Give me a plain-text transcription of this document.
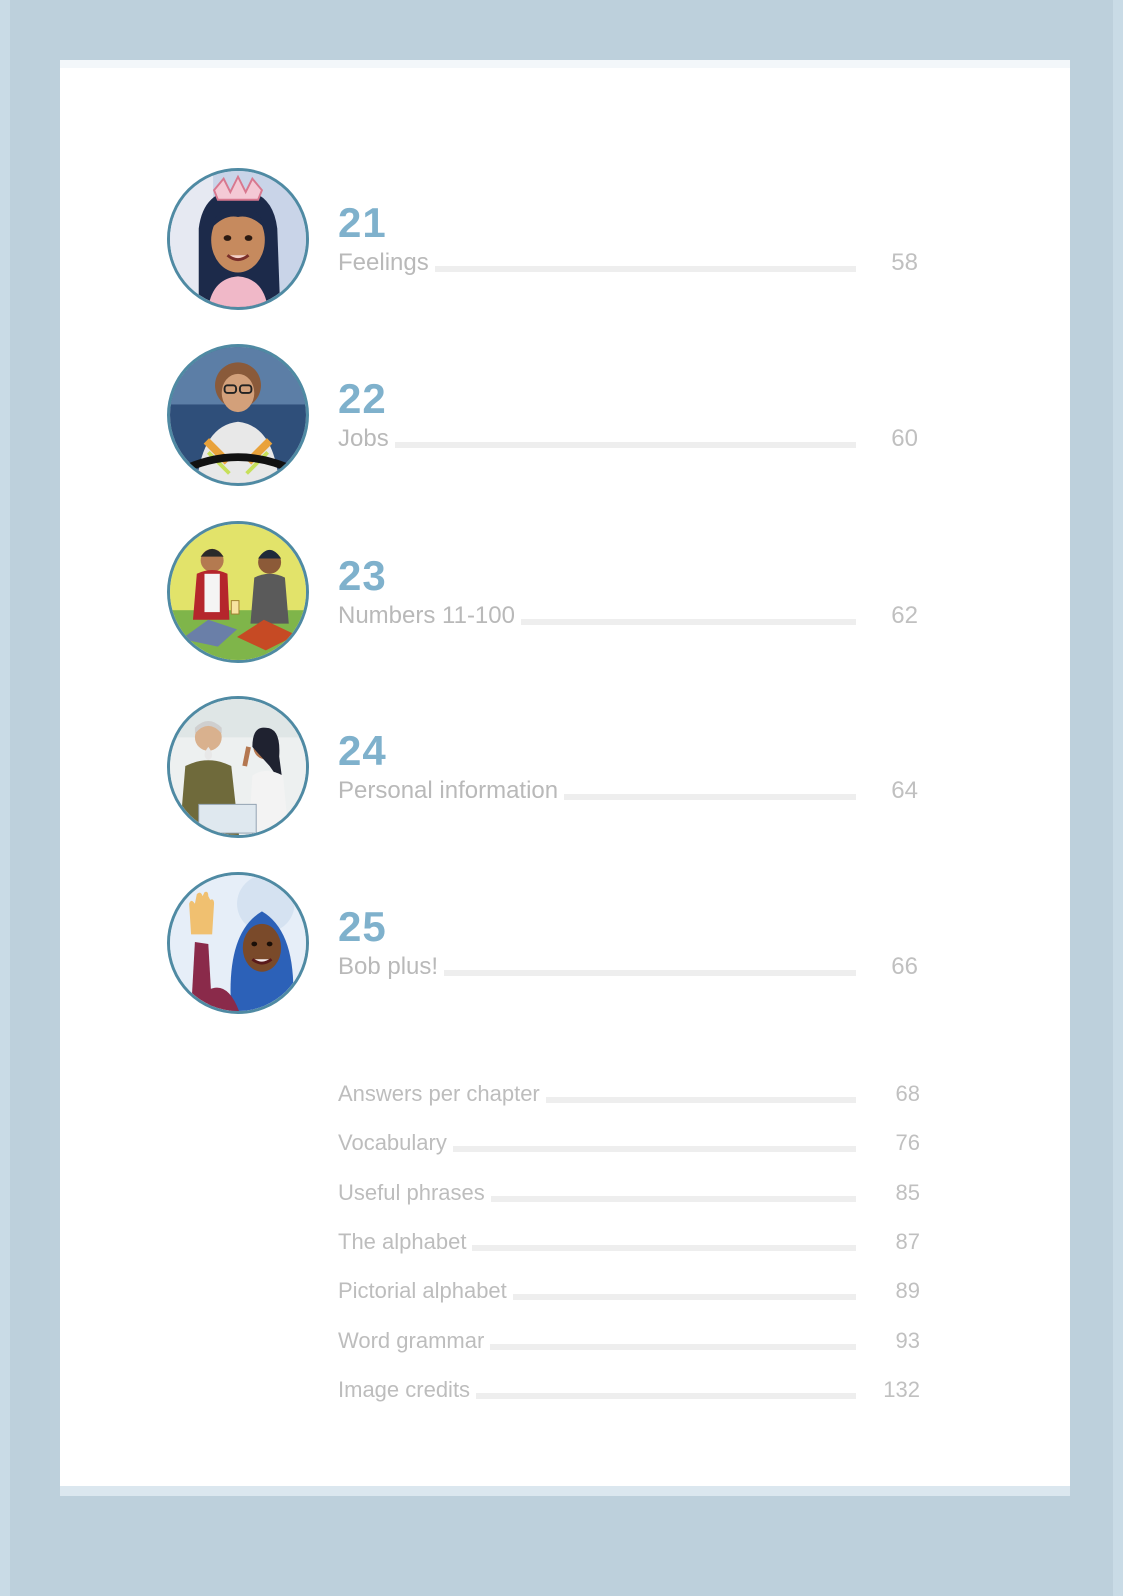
21
Feelings	58
22
Jobs	60
23
Numbers 11-100	62
24
Personal information	64
25
Bob plus!	66
Answers per chapter	68
Vocabulary	76
Useful phrases	85
The alphabet	87
Pictorial alphabet	89
Word grammar	93
Image credits	132
